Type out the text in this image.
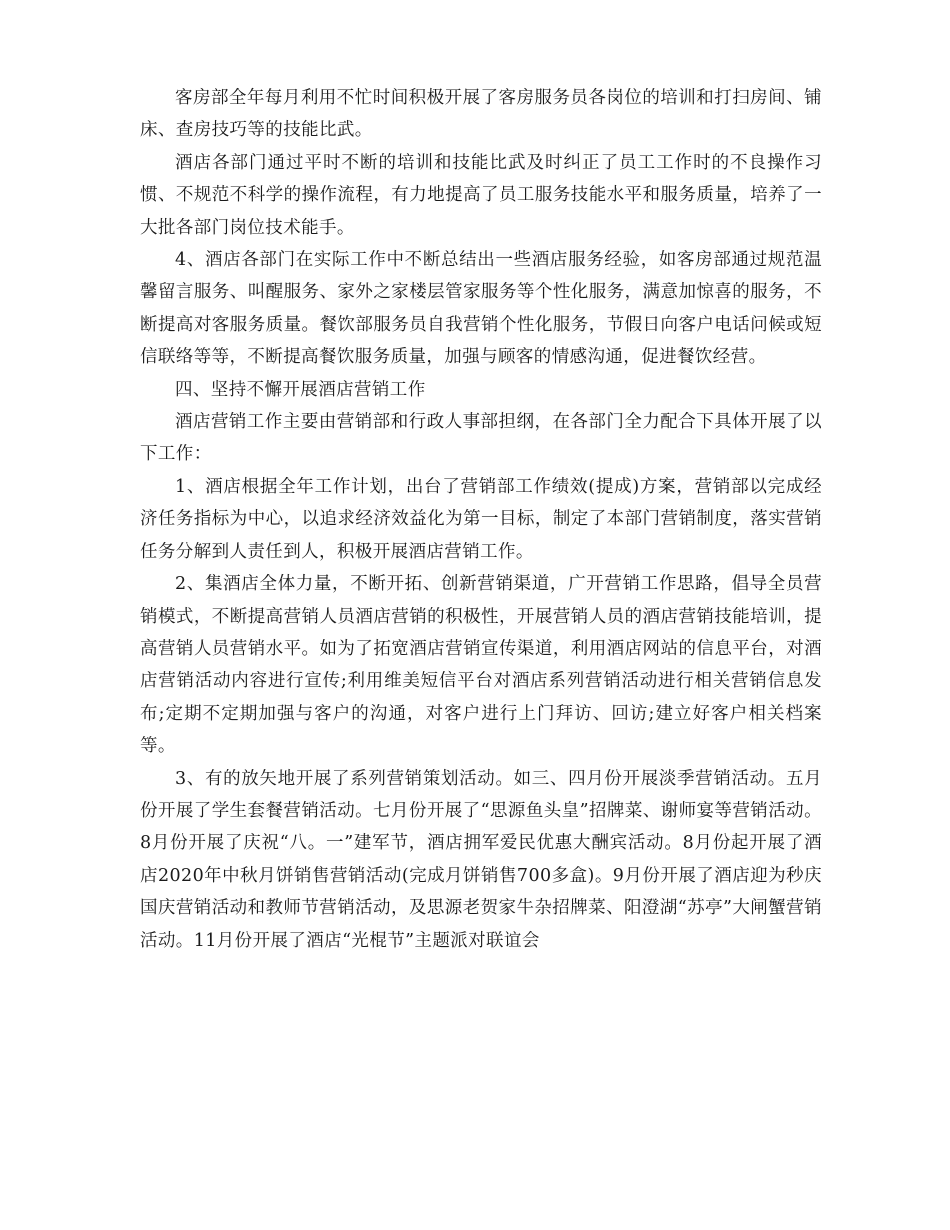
客房部全年每月利用不忙时间积极开展了客房服务员各岗位的培训和打扫房间、铺床、查房技巧等的技能比武。

酒店各部门通过平时不断的培训和技能比武及时纠正了员工工作时的不良操作习惯、不规范不科学的操作流程，有力地提高了员工服务技能水平和服务质量，培养了一大批各部门岗位技术能手。

4、酒店各部门在实际工作中不断总结出一些酒店服务经验，如客房部通过规范温馨留言服务、叫醒服务、家外之家楼层管家服务等个性化服务，满意加惊喜的服务，不断提高对客服务质量。餐饮部服务员自我营销个性化服务，节假日向客户电话问候或短信联络等等，不断提高餐饮服务质量，加强与顾客的情感沟通，促进餐饮经营。

四、坚持不懈开展酒店营销工作

酒店营销工作主要由营销部和行政人事部担纲，在各部门全力配合下具体开展了以下工作：

1、酒店根据全年工作计划，出台了营销部工作绩效(提成)方案，营销部以完成经济任务指标为中心，以追求经济效益化为第一目标，制定了本部门营销制度，落实营销任务分解到人责任到人，积极开展酒店营销工作。

2、集酒店全体力量，不断开拓、创新营销渠道，广开营销工作思路，倡导全员营销模式，不断提高营销人员酒店营销的积极性，开展营销人员的酒店营销技能培训，提高营销人员营销水平。如为了拓宽酒店营销宣传渠道，利用酒店网站的信息平台，对酒店营销活动内容进行宣传;利用维美短信平台对酒店系列营销活动进行相关营销信息发布;定期不定期加强与客户的沟通，对客户进行上门拜访、回访;建立好客户相关档案等。

3、有的放矢地开展了系列营销策划活动。如三、四月份开展淡季营销活动。五月份开展了学生套餐营销活动。七月份开展了“思源鱼头皇”招牌菜、谢师宴等营销活动。8月份开展了庆祝“八。一”建军节，酒店拥军爱民优惠大酬宾活动。8月份起开展了酒店2020年中秋月饼销售营销活动(完成月饼销售700多盒)。9月份开展了酒店迎为秒庆国庆营销活动和教师节营销活动，及思源老贺家牛杂招牌菜、阳澄湖“苏亭”大闸蟹营销活动。11月份开展了酒店“光棍节”主题派对联谊会
